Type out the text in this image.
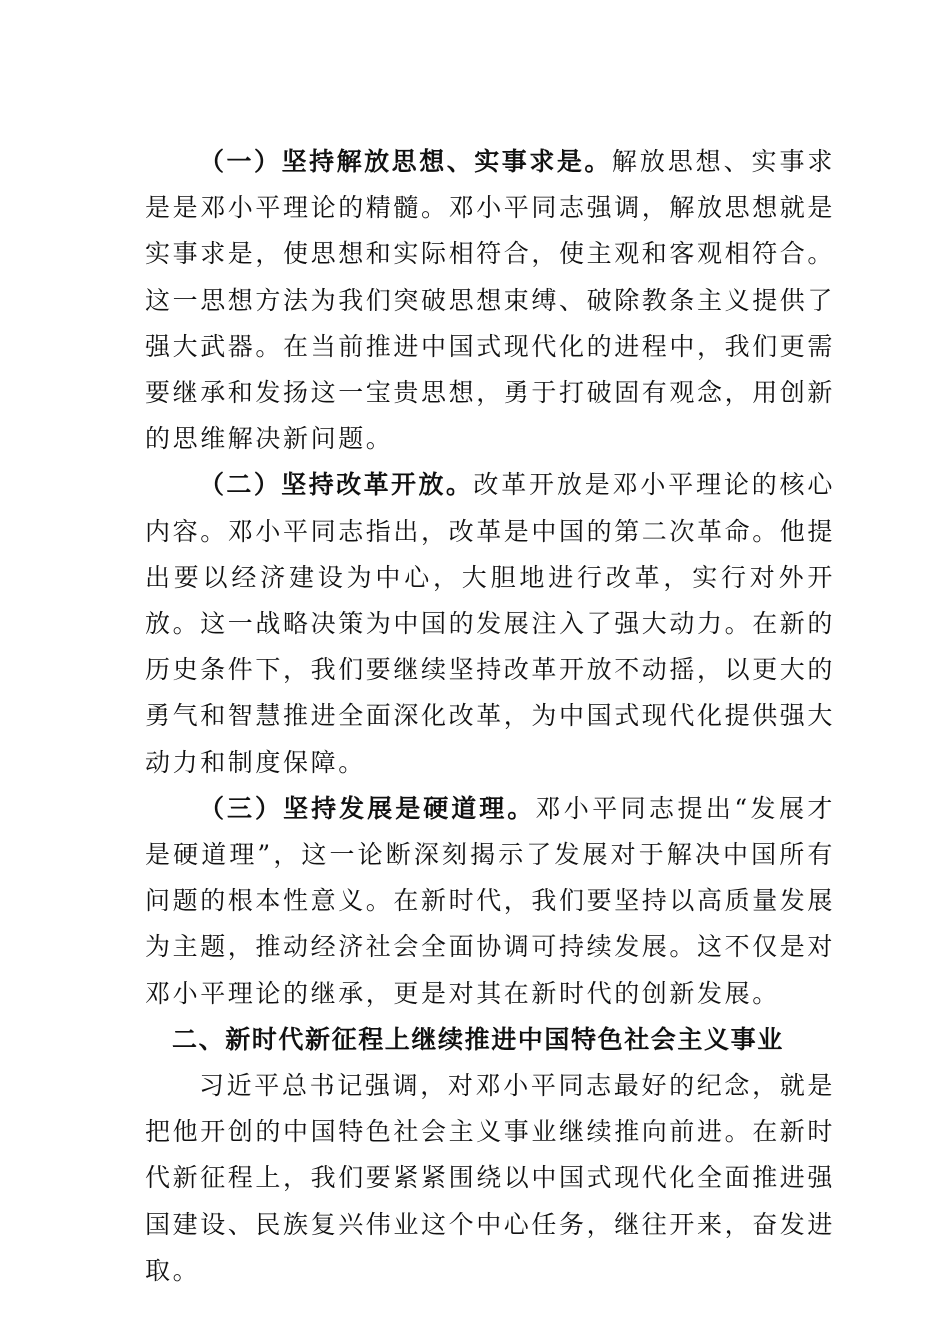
（一）坚持解放思想、实事求是。解放思想、实事求是是邓小平理论的精髓。邓小平同志强调，解放思想就是实事求是，使思想和实际相符合，使主观和客观相符合。这一思想方法为我们突破思想束缚、破除教条主义提供了强大武器。在当前推进中国式现代化的进程中，我们更需要继承和发扬这一宝贵思想，勇于打破固有观念，用创新的思维解决新问题。

（二）坚持改革开放。改革开放是邓小平理论的核心内容。邓小平同志指出，改革是中国的第二次革命。他提出要以经济建设为中心，大胆地进行改革，实行对外开放。这一战略决策为中国的发展注入了强大动力。在新的历史条件下，我们要继续坚持改革开放不动摇，以更大的勇气和智慧推进全面深化改革，为中国式现代化提供强大动力和制度保障。

（三）坚持发展是硬道理。邓小平同志提出“发展才是硬道理”，这一论断深刻揭示了发展对于解决中国所有问题的根本性意义。在新时代，我们要坚持以高质量发展为主题，推动经济社会全面协调可持续发展。这不仅是对邓小平理论的继承，更是对其在新时代的创新发展。

二、新时代新征程上继续推进中国特色社会主义事业

习近平总书记强调，对邓小平同志最好的纪念，就是把他开创的中国特色社会主义事业继续推向前进。在新时代新征程上，我们要紧紧围绕以中国式现代化全面推进强国建设、民族复兴伟业这个中心任务，继往开来，奋发进取。
